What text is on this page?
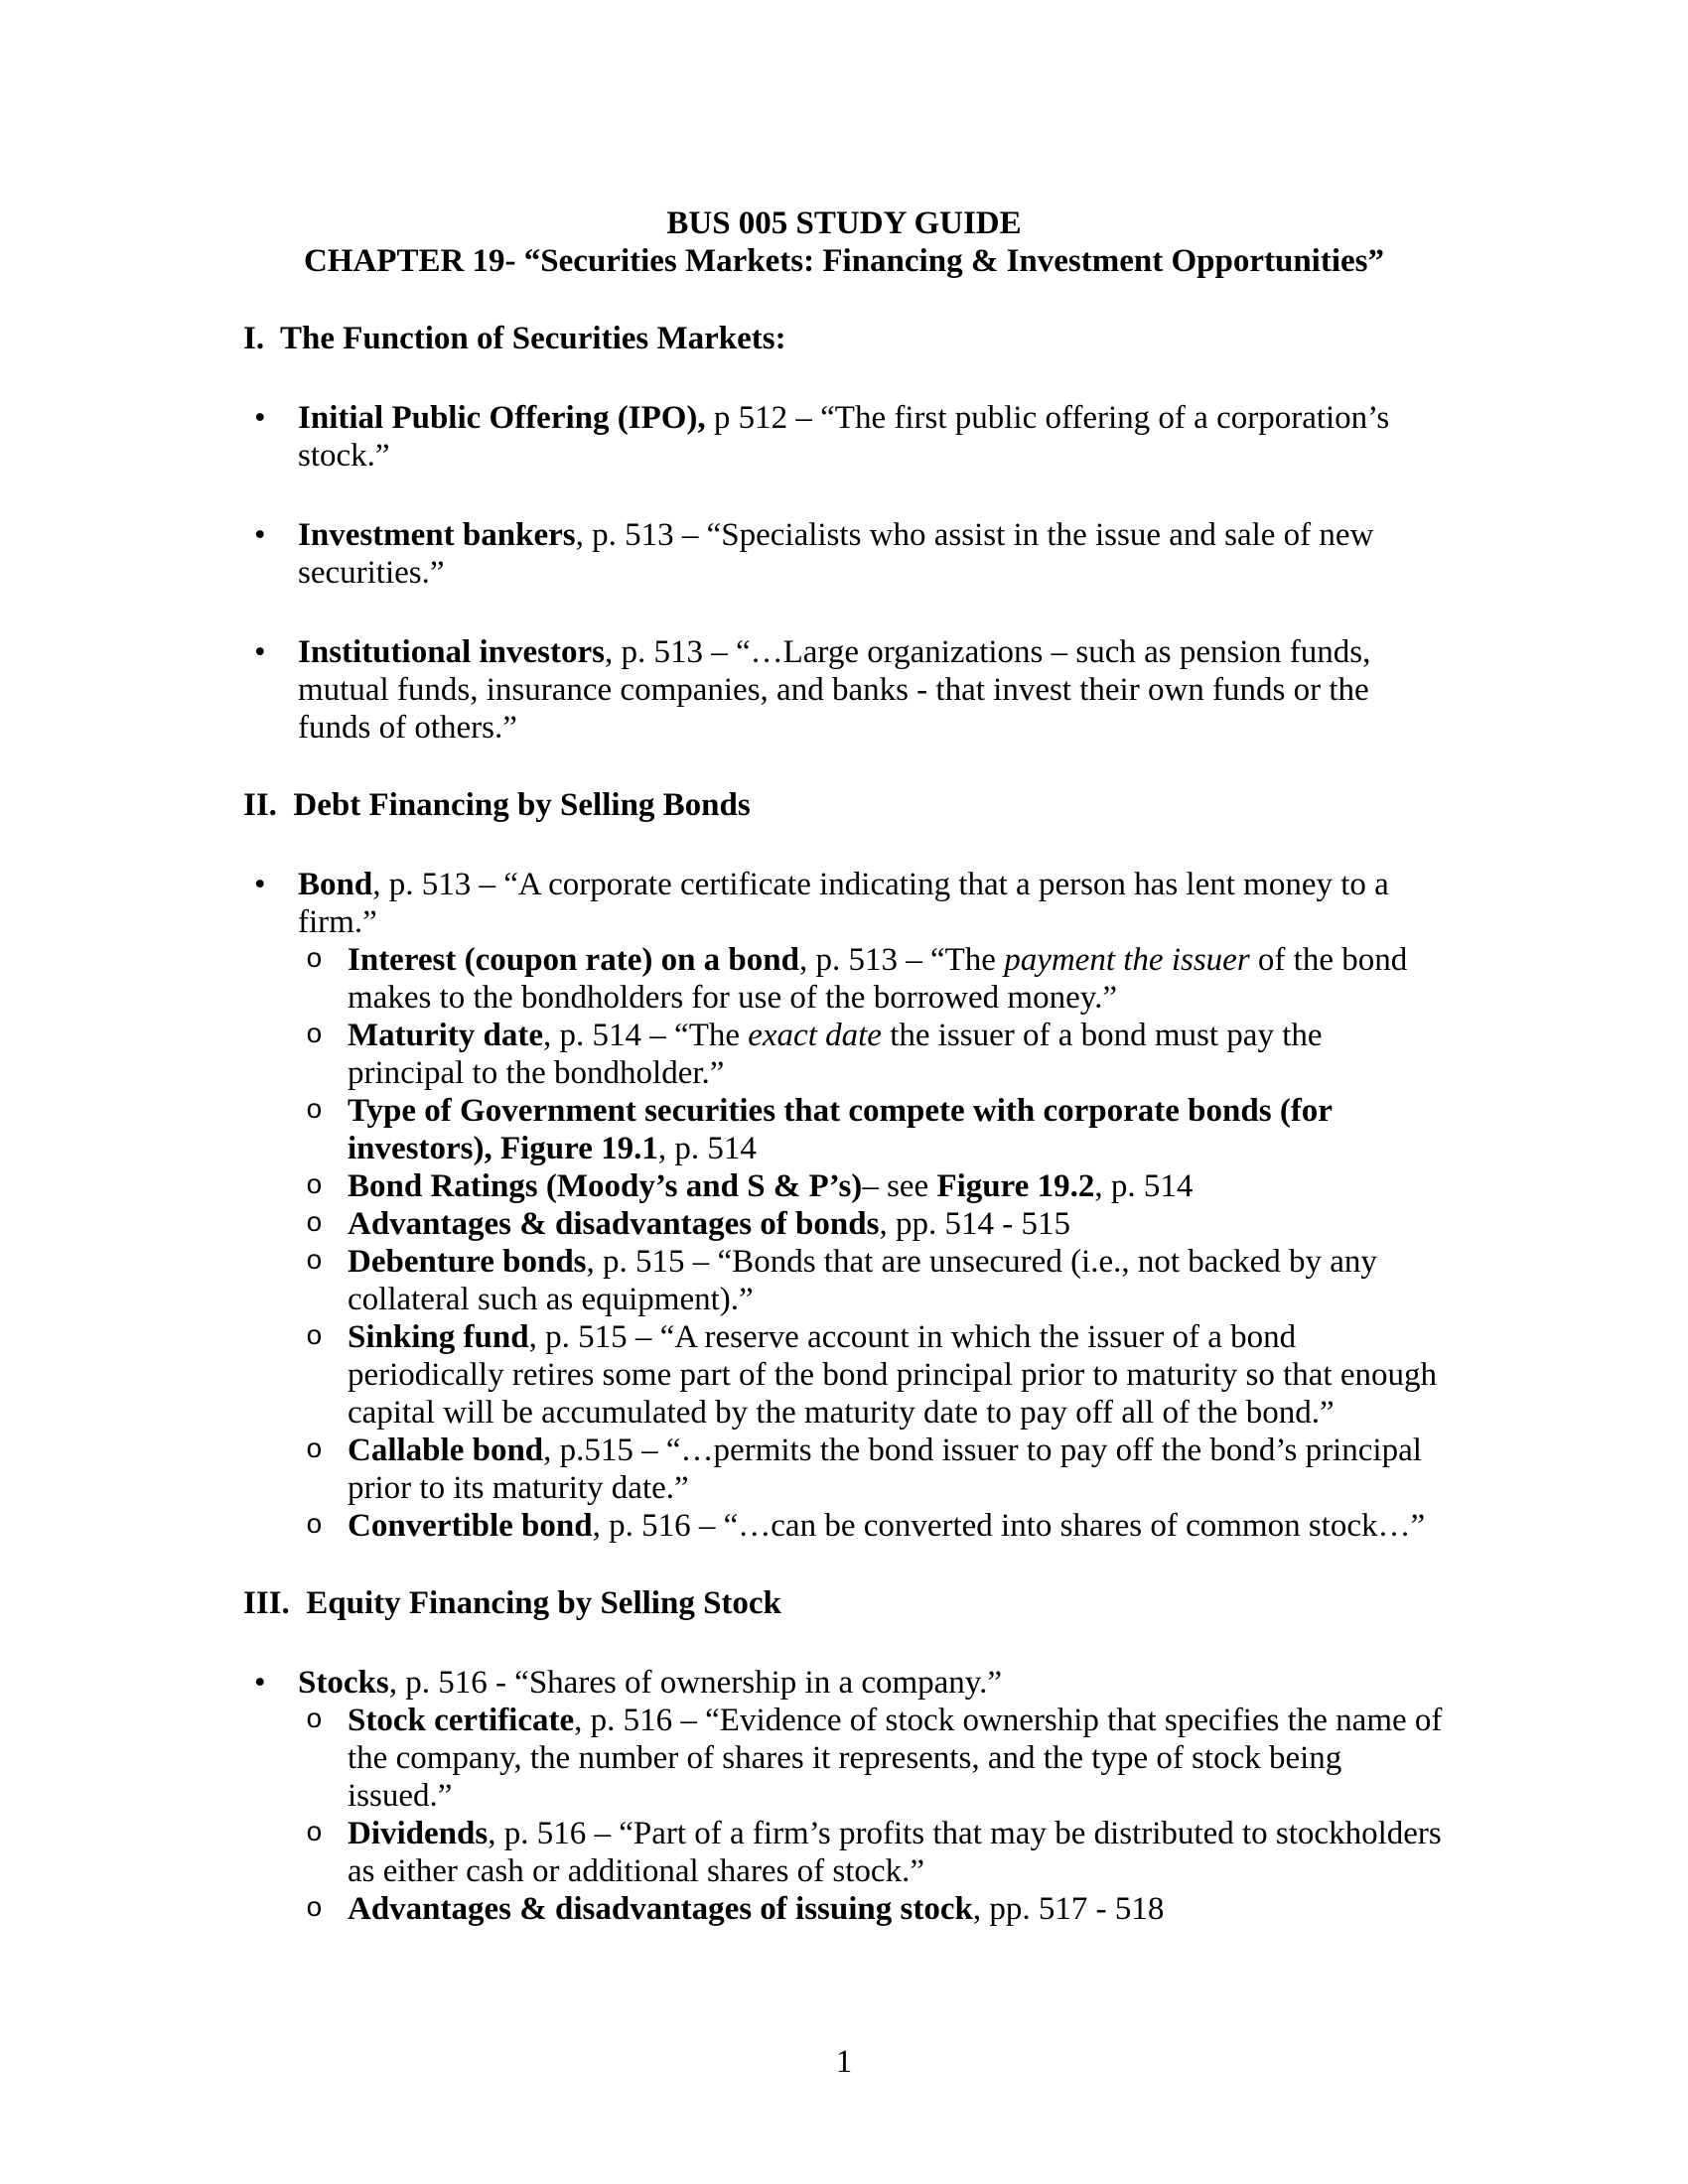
BUS 005 STUDY GUIDE
CHAPTER 19- “Securities Markets: Financing & Investment Opportunities”
I.  The Function of Securities Markets:
• Initial Public Offering (IPO), p 512 – “The first public offering of a corporation’s stock.”
• Investment bankers, p. 513 – “Specialists who assist in the issue and sale of new securities.”
• Institutional investors, p. 513 – “…Large organizations – such as pension funds, mutual funds, insurance companies, and banks - that invest their own funds or the funds of others.”
II.  Debt Financing by Selling Bonds
• Bond, p. 513 – “A corporate certificate indicating that a person has lent money to a firm.”
o Interest (coupon rate) on a bond, p. 513 – “The payment the issuer of the bond makes to the bondholders for use of the borrowed money.”
o Maturity date, p. 514 – “The exact date the issuer of a bond must pay the principal to the bondholder.”
o Type of Government securities that compete with corporate bonds (for investors), Figure 19.1, p. 514
o Bond Ratings (Moody’s and S & P’s)– see Figure 19.2, p. 514
o Advantages & disadvantages of bonds, pp. 514 - 515
o Debenture bonds, p. 515 – “Bonds that are unsecured (i.e., not backed by any collateral such as equipment).”
o Sinking fund, p. 515 – “A reserve account in which the issuer of a bond periodically retires some part of the bond principal prior to maturity so that enough capital will be accumulated by the maturity date to pay off all of the bond.”
o Callable bond, p.515 – “…permits the bond issuer to pay off the bond’s principal prior to its maturity date.”
o Convertible bond, p. 516 – “…can be converted into shares of common stock…”
III.  Equity Financing by Selling Stock
• Stocks, p. 516 - “Shares of ownership in a company.”
o Stock certificate, p. 516 – “Evidence of stock ownership that specifies the name of the company, the number of shares it represents, and the type of stock being issued.”
o Dividends, p. 516 – “Part of a firm’s profits that may be distributed to stockholders as either cash or additional shares of stock.”
o Advantages & disadvantages of issuing stock, pp. 517 - 518
1
